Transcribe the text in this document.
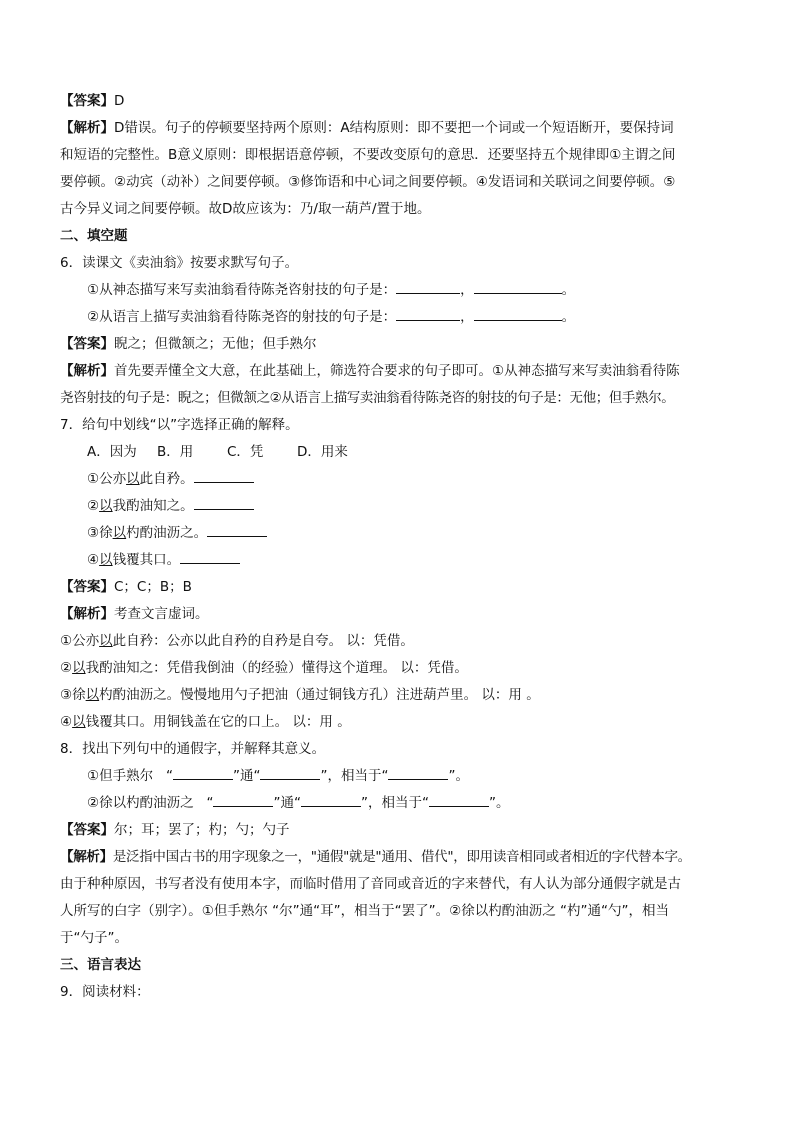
【答案】D
【解析】D错误。句子的停顿要坚持两个原则：A结构原则：即不要把一个词或一个短语断开，要保持词
和短语的完整性。B意义原则：即根据语意停顿，不要改变原句的意思．还要坚持五个规律即①主谓之间
要停顿。②动宾（动补）之间要停顿。③修饰语和中心词之间要停顿。④发语词和关联词之间要停顿。⑤
古今异义词之间要停顿。故D故应该为：乃/取一葫芦/置于地。
二、填空题
6．读课文《卖油翁》按要求默写句子。
①从神态描写来写卖油翁看待陈尧咨射技的句子是：	，	。
②从语言上描写卖油翁看待陈尧咨的射技的句子是：	，	。
【答案】睨之；但微颔之；无他；但手熟尔
【解析】首先要弄懂全文大意，在此基础上，筛选符合要求的句子即可。①从神态描写来写卖油翁看待陈
尧咨射技的句子是：睨之；但微颔之②从语言上描写卖油翁看待陈尧咨的射技的句子是：无他；但手熟尔。
7．给句中划线“以”字选择正确的解释。
A．因为 B．用 C．凭 D．用来
①公亦以此自矜。
②以我酌油知之。
③徐以杓酌油沥之。
④以钱覆其口。
【答案】C；C；B；B
【解析】考查文言虚词。
①公亦以此自矜：公亦以此自矜的自矜是自夸。 以：凭借。
②以我酌油知之：凭借我倒油（的经验）懂得这个道理。 以：凭借。
③徐以杓酌油沥之。慢慢地用勺子把油（通过铜钱方孔）注进葫芦里。 以：用 。
④以钱覆其口。用铜钱盖在它的口上。 以：用 。
8．找出下列句中的通假字，并解释其意义。
①但手熟尔 “	”通“	”，相当于“	”。
②徐以杓酌油沥之 “	”通“	”，相当于“	”。
【答案】尔；耳；罢了；杓；勺；勺子
【解析】是泛指中国古书的用字现象之一，"通假"就是"通用、借代"，即用读音相同或者相近的字代替本字。
由于种种原因，书写者没有使用本字，而临时借用了音同或音近的字来替代，有人认为部分通假字就是古
人所写的白字（别字）。①但手熟尔 “尔”通“耳”，相当于“罢了”。②徐以杓酌油沥之 “杓”通“勺”，相当
于“勺子”。
三、语言表达
9．阅读材料：
